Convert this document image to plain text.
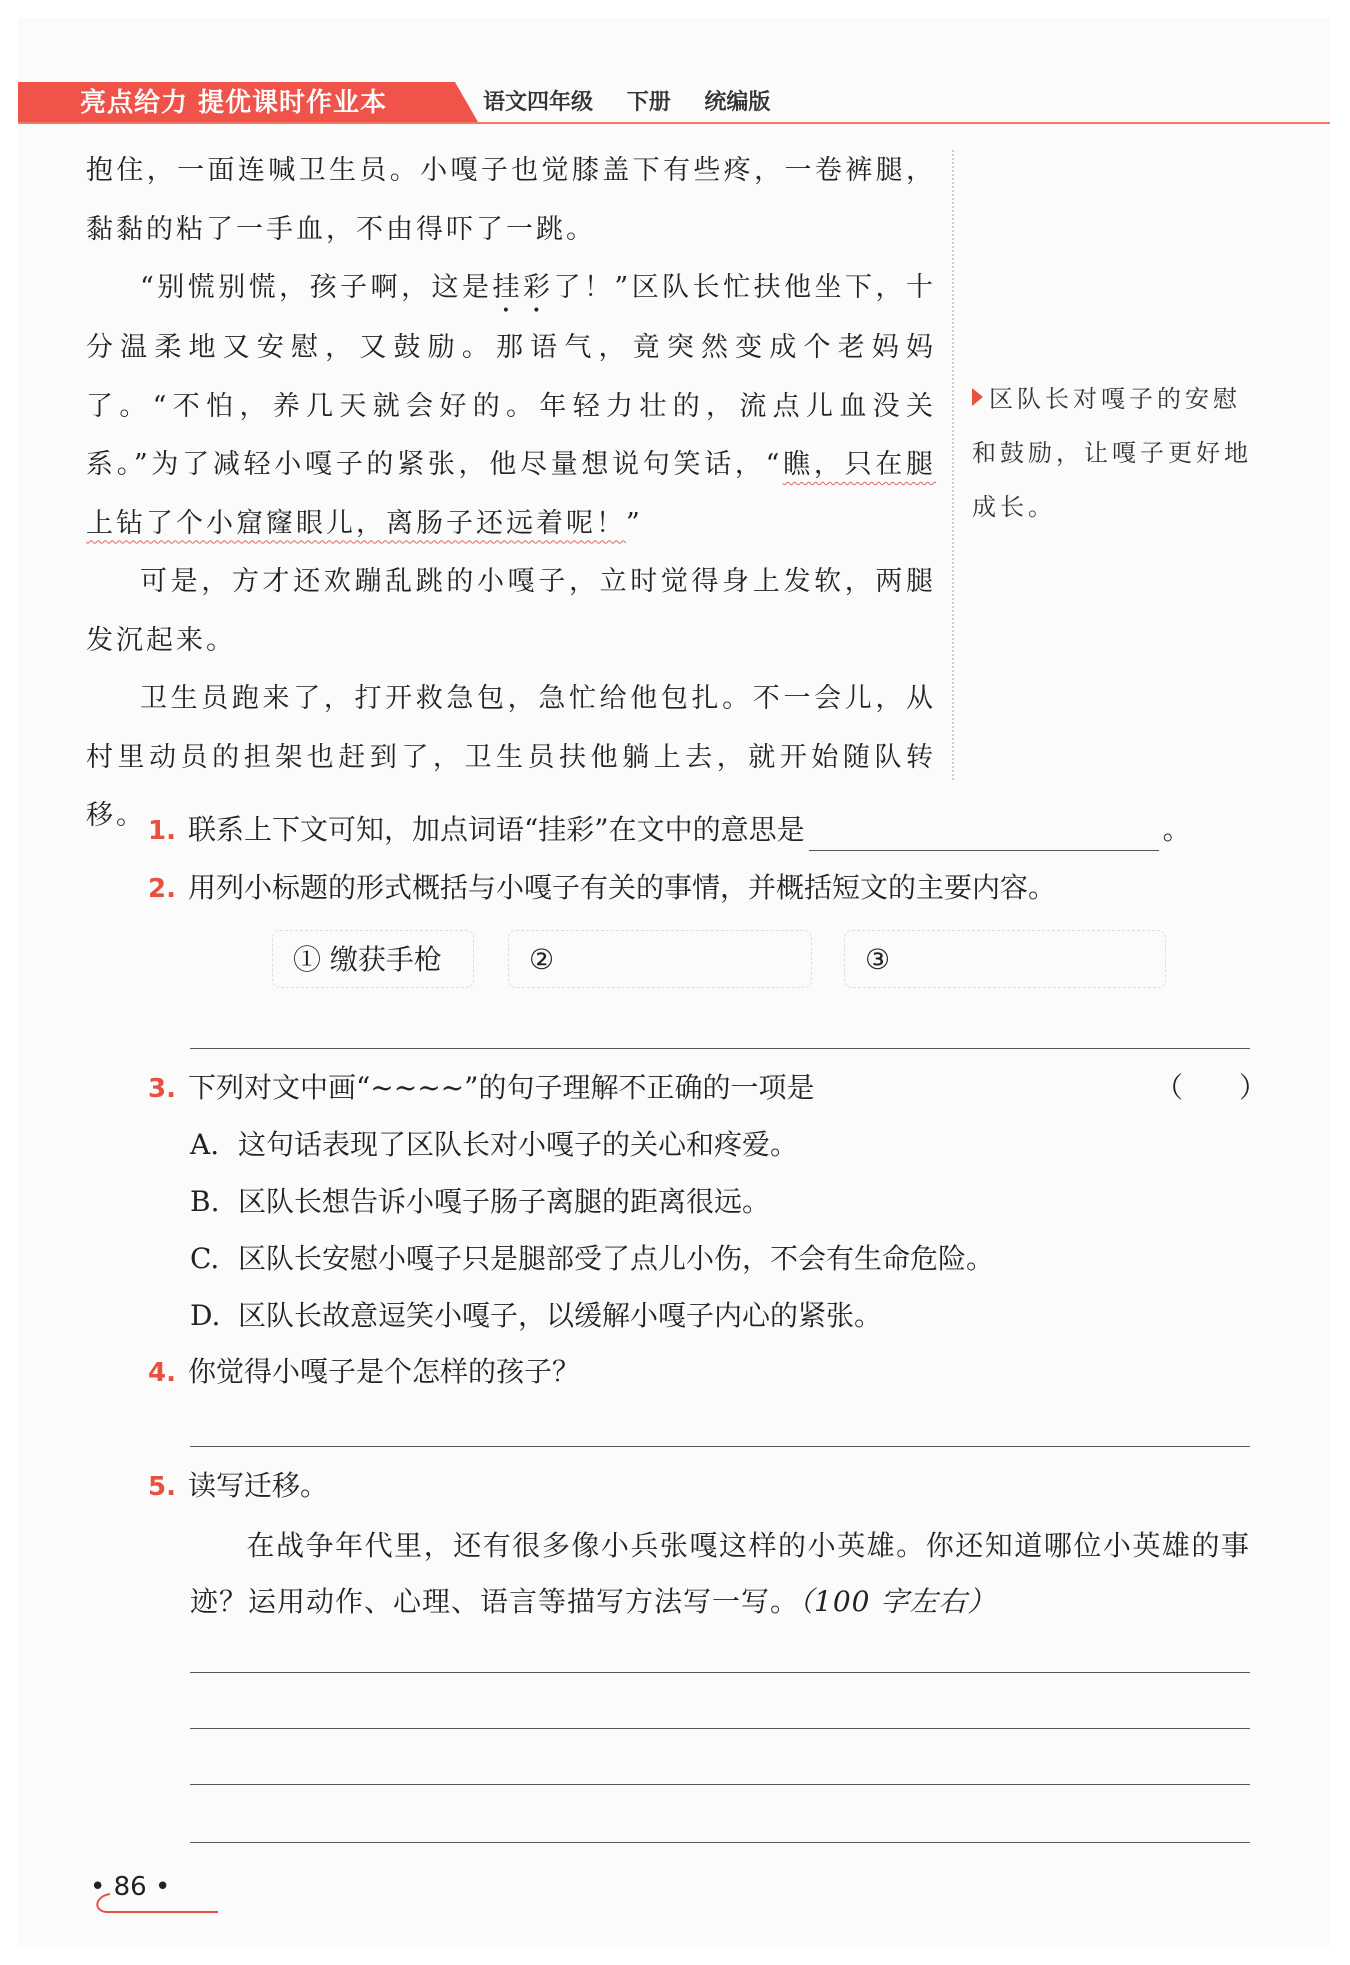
亮点给力 提优课时作业本	语文四年级 下册 统编版

抱住，一面连喊卫生员。小嘎子也觉膝盖下有些疼，一卷裤腿，黏黏的粘了一手血，不由得吓了一跳。

“别慌别慌，孩子啊，这是挂彩了！”区队长忙扶他坐下，十分温柔地又安慰，又鼓励。那语气，竟突然变成个老妈妈了。“不怕，养几天就会好的。年轻力壮的，流点儿血没关系。”为了减轻小嘎子的紧张，他尽量想说句笑话，“瞧，只在腿上钻了个小窟窿眼儿，离肠子还远着呢！”

可是，方才还欢蹦乱跳的小嘎子，立时觉得身上发软，两腿发沉起来。

卫生员跑来了，打开救急包，急忙给他包扎。不一会儿，从村里动员的担架也赶到了，卫生员扶他躺上去，就开始随队转移。

区队长对嘎子的安慰和鼓励，让嘎子更好地成长。
1. 联系上下文可知，加点词语“挂彩”在文中的意思是	。
2. 用列小标题的形式概括与小嘎子有关的事情，并概括短文的主要内容。
① 缴获手枪	②	③
3. 下列对文中画“~~~~”的句子理解不正确的一项是	（　　）
A. 这句话表现了区队长对小嘎子的关心和疼爱。
B. 区队长想告诉小嘎子肠子离腿的距离很远。
C. 区队长安慰小嘎子只是腿部受了点儿小伤，不会有生命危险。
D. 区队长故意逗笑小嘎子，以缓解小嘎子内心的紧张。
4. 你觉得小嘎子是个怎样的孩子？
5. 读写迁移。
在战争年代里，还有很多像小兵张嘎这样的小英雄。你还知道哪位小英雄的事迹？运用动作、心理、语言等描写方法写一写。（100 字左右）
• 86 •
